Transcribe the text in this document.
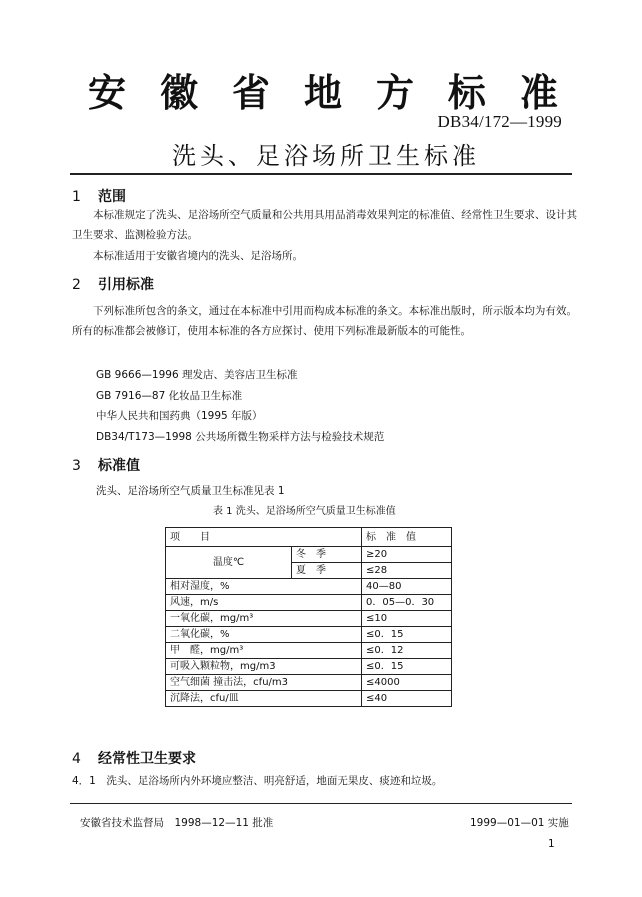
安 徽 省 地 方 标 准
DB34/172—1999
洗头、足浴场所卫生标准
1 范围
本标准规定了洗头、足浴场所空气质量和公共用具用品消毒效果判定的标准值、经常性卫生要求、设计其卫生要求、监测检验方法。
本标准适用于安徽省境内的洗头、足浴场所。
2 引用标准
下列标准所包含的条文，通过在本标准中引用而构成本标准的条文。本标准出版时，所示版本均为有效。所有的标准都会被修订，使用本标准的各方应探讨、使用下列标准最新版本的可能性。
GB 9666—1996 理发店、美容店卫生标准
GB 7916—87 化妆品卫生标准
中华人民共和国药典（1995 年版）
DB34/T173—1998 公共场所微生物采样方法与检验技术规范
3 标准值
洗头、足浴场所空气质量卫生标准见表 1
表 1 洗头、足浴场所空气质量卫生标准值
项　　目		标　准　值
温度℃	冬　季	≥20
	夏　季	≤28
相对湿度，%		40—80
风速，m/s		0．05—0．30
一氧化碳，mg/m³		≤10
二氧化碳，%		≤0．15
甲　醛，mg/m³		≤0．12
可吸入颗粒物，mg/m3		≤0．15
空气细菌 撞击法，cfu/m3		≤4000
沉降法，cfu/皿		≤40
4 经常性卫生要求
4．1　 洗头、足浴场所内外环境应整洁、明亮舒适，地面无果皮、痰迹和垃圾。
安徽省技术监督局　1998—12—11 批准	1999—01—01 实施
1
